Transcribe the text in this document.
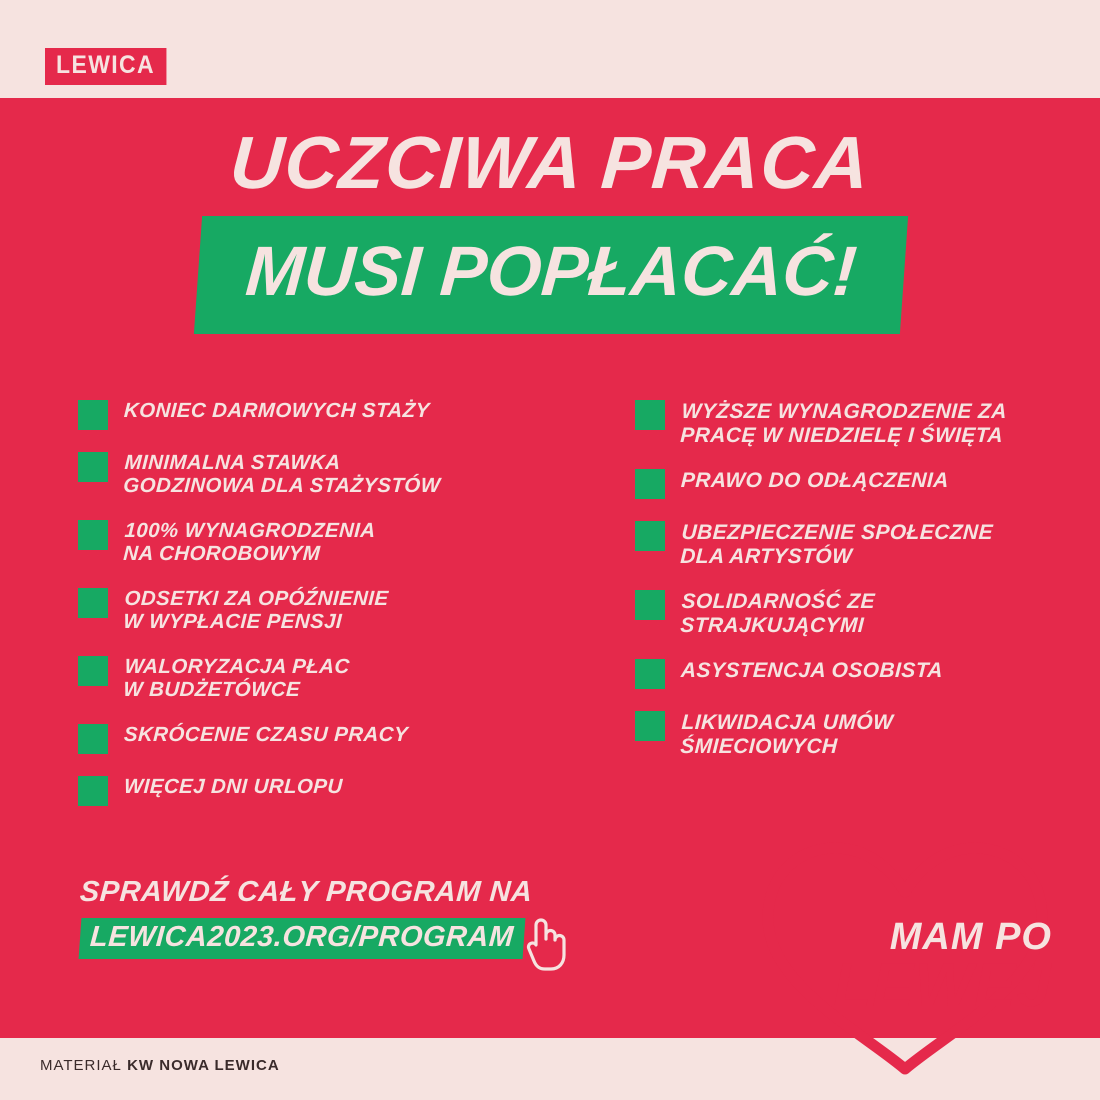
LEWICA
UCZCIWA PRACA
MUSI POPŁACAĆ!
KONIEC DARMOWYCH STAŻY
MINIMALNA STAWKA
GODZINOWA DLA STAŻYSTÓW
100% WYNAGRODZENIA
NA CHOROBOWYM
ODSETKI ZA OPÓŹNIENIE
W WYPŁACIE PENSJI
WALORYZACJA PŁAC
W BUDŻETÓWCE
SKRÓCENIE CZASU PRACY
WIĘCEJ DNI URLOPU
WYŻSZE WYNAGRODZENIE ZA
PRACĘ W NIEDZIELĘ I ŚWIĘTA
PRAWO DO ODŁĄCZENIA
UBEZPIECZENIE SPOŁECZNE
DLA ARTYSTÓW
SOLIDARNOŚĆ ZE
STRAJKUJĄCYMI
ASYSTENCJA OSOBISTA
LIKWIDACJA UMÓW
ŚMIECIOWYCH
SPRAWDŹ CAŁY PROGRAM NA
LEWICA2023.ORG/PROGRAM	MAM PO
LEWEJ
MATERIAŁ KW NOWA LEWICA
